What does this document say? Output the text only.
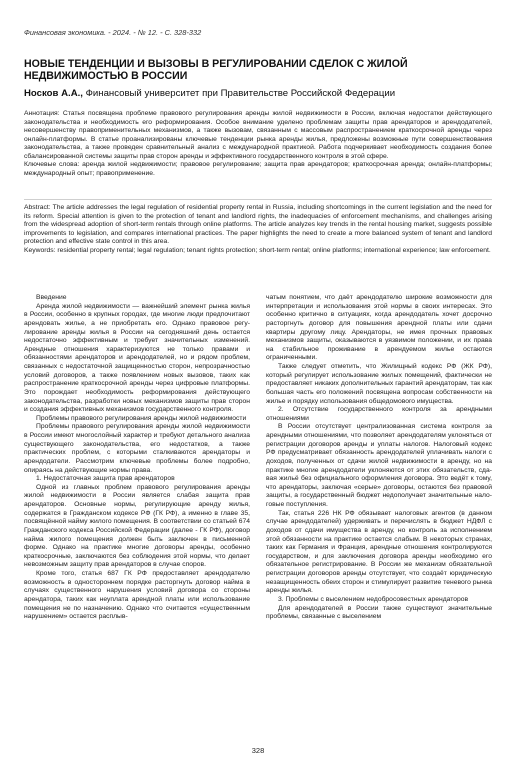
Финансовая экономика. - 2024. - № 12. - С. 328-332
НОВЫЕ ТЕНДЕНЦИИ И ВЫЗОВЫ В РЕГУЛИРОВАНИИ СДЕЛОК С ЖИЛОЙ НЕДВИЖИМОСТЬЮ В РОССИИ
Носков А.А., Финансовый университет при Правительстве Российской Федерации
Аннотация: Статья посвящена проблеме правового регулирования аренды жилой недвижимости в России, включая недостатки действующего законодательства и необходимость его реформирования. Особое внимание уделено проблемам защиты прав арендаторов и арендодателей, несовершенству правоприменительных механизмов, а также вызовам, связанным с массовым распространением краткосрочной аренды через онлайн-платформы. В статье проанализированы ключевые тенденции рынка аренды жилья, предложены возможные пути совершенствования законодательства, а также проведен сравнительный анализ с международной практикой. Работа подчеркивает необходимость создания более сбалансированной системы защиты прав сторон аренды и эффективного государственного контроля в этой сфере.
Ключевые слова: аренда жилой недвижимости; правовое регулирование; защита прав арендаторов; краткосрочная аренда; онлайн-платформы; международный опыт; правоприменение.
Abstract: The article addresses the legal regulation of residential property rental in Russia, including shortcomings in the current legislation and the need for its reform. Special attention is given to the protection of tenant and landlord rights, the inadequacies of enforcement mechanisms, and challenges arising from the widespread adoption of short-term rentals through online platforms. The article analyzes key trends in the rental housing market, suggests possible improvements to legislation, and compares international practices. The paper highlights the need to create a more balanced system of tenant and landlord protection and effective state control in this area.
Keywords: residential property rental; legal regulation; tenant rights protection; short-term rental; online platforms; international experience; law enforcement.

Введение

Аренда жилой недвижимости — важнейший элемент рынка жилья в России, особенно в крупных городах, где многие люди предпочитают арендовать жилье, а не приобретать его. Однако правовое регулирование аренды жилья в России на сегодняшний день остается недостаточно эффективным и требует значительных изменений. Арендные отношения характеризуются не только правами и обязанностями арендаторов и арендодателей, но и рядом проблем, связанных с недостаточной защищенностью сторон, непрозрачностью условий договоров, а также появлением новых вызовов, таких как распространение краткосрочной аренды через цифровые платформы. Это порождает необходимость реформирования действующего законодательства, разработки новых механизмов защиты прав сторон и создания эффективных механизмов государственного контроля.

Проблемы правового регулирования аренды жилой недвижимости

Проблемы правового регулирования аренды жилой недвижимости в России имеют многослойный характер и требуют детального анализа существующего законодательства, его недостатков, а также практических проблем, с которыми сталкиваются арендаторы и арендодатели. Рассмотрим ключевые проблемы более подробно, опираясь на действующие нормы права.

1. Недостаточная защита прав арендаторов

Одной из главных проблем правового регулирования аренды жилой недвижимости в России является слабая защита прав арендаторов. Основные нормы, регулирующие аренду жилья, содержатся в Гражданском кодексе РФ (ГК РФ), а именно в главе 35, посвящённой найму жилого помещения. В соответствии со статьей 674 Гражданского кодекса Российской Федерации (далее - ГК РФ), договор найма жилого помещения должен быть заключен в письменной форме. Однако на практике многие договоры аренды, особенно краткосрочные, заключаются без соблюдения этой нормы, что делает невозможным защиту прав арендаторов в случае споров.

Кроме того, статья 687 ГК РФ предоставляет арендодателю возможность в одностороннем порядке расторгнуть договор найма в случаях существенного нарушения условий договора со стороны арендатора, таких как неуплата арендной платы или использование помещения не по назначению. Однако что считается «существенным нарушением» остается расплыв-

чатым понятием, что даёт арендодателю широкие возможности для интерпретации и использования этой нормы в своих интересах. Это особенно критично в ситуациях, когда арендодатель хочет досрочно расторгнуть договор для повышения арендной платы или сдачи квартиры другому лицу. Арендаторы, не имея прочных правовых механизмов защиты, оказываются в уязвимом положении, и их права на стабильное проживание в арендуемом жилье остаются ограниченными.

Также следует отметить, что Жилищный кодекс РФ (ЖК РФ), который регулирует использование жилых помещений, фактически не предоставляет никаких дополнительных гарантий арендаторам, так как большая часть его положений посвящена вопросам собственности на жилье и порядку использования общедомового имущества.

2. Отсутствие государственного контроля за арендными отношениями

В России отсутствует централизованная система контроля за арендными отношениями, что позволяет арендодателям уклоняться от регистрации договоров аренды и уплаты налогов. Налоговый кодекс РФ предусматривает обязанность арендодателей уплачивать налоги с доходов, полученных от сдачи жилой недвижимости в аренду, но на практике многие арендодатели уклоняются от этих обязательств, сдавая жильё без официального оформления договора. Это ведёт к тому, что арендаторы, заключая «серые» договоры, остаются без правовой защиты, а государственный бюджет недополучает значительные налоговые поступления.

Так, статья 226 НК РФ обязывает налоговых агентов (в данном случае арендодателей) удерживать и перечислять в бюджет НДФЛ с доходов от сдачи имущества в аренду, но контроль за исполнением этой обязанности на практике остается слабым. В некоторых странах, таких как Германия и Франция, арендные отношения контролируются государством, и для заключения договора аренды необходимо его обязательное регистрирование. В России же механизм обязательной регистрации договоров аренды отсутствует, что создаёт юридическую незащищенность обеих сторон и стимулирует развитие теневого рынка аренды жилья.

3. Проблемы с выселением недобросовестных арендаторов

Для арендодателей в России также существуют значительные проблемы, связанные с выселением

328
